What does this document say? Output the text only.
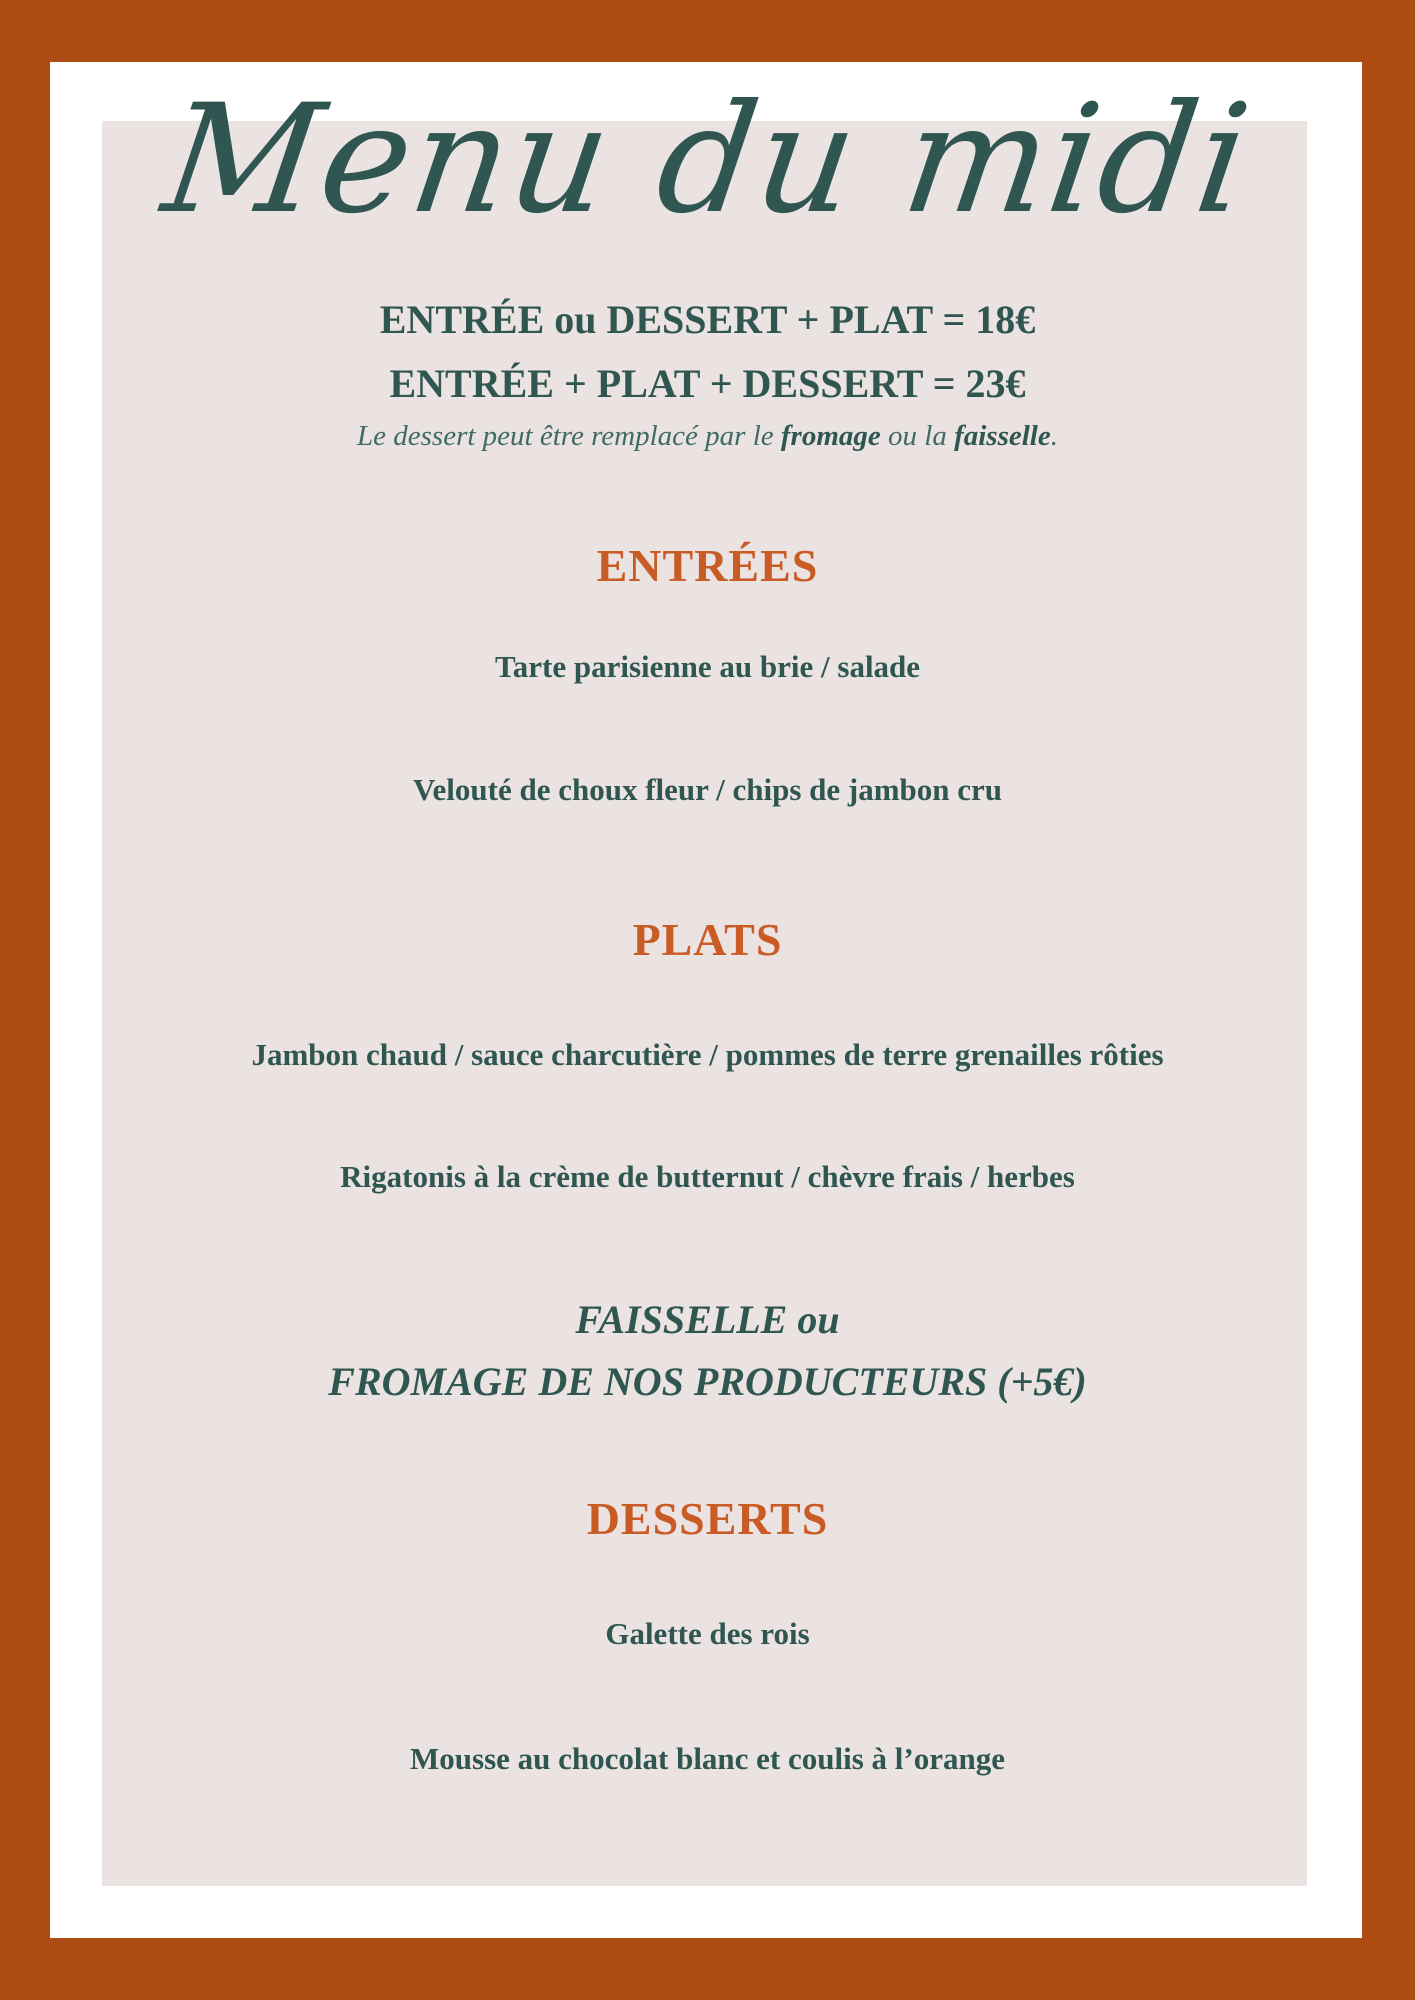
Menu du midi
ENTRÉE ou DESSERT + PLAT = 18€
ENTRÉE + PLAT + DESSERT = 23€
Le dessert peut être remplacé par le fromage ou la faisselle.
ENTRÉES
Tarte parisienne au brie / salade
Velouté de choux fleur / chips de jambon cru
PLATS
Jambon chaud / sauce charcutière / pommes de terre grenailles rôties
Rigatonis à la crème de butternut / chèvre frais / herbes
FAISSELLE ou
FROMAGE DE NOS PRODUCTEURS (+5€)
DESSERTS
Galette des rois
Mousse au chocolat blanc et coulis à l’orange
